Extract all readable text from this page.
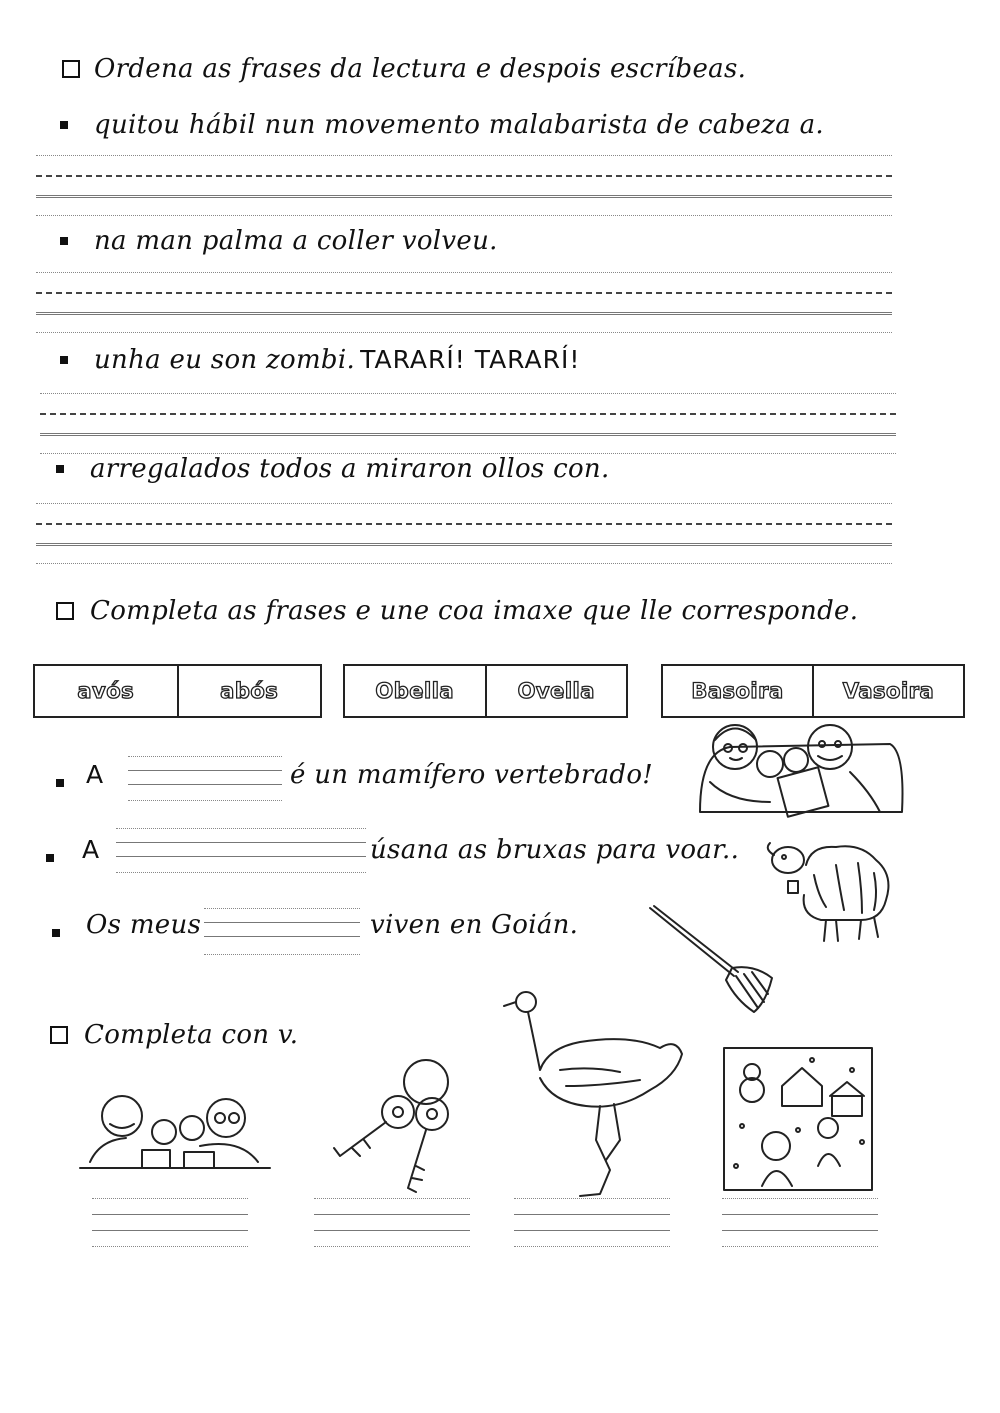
Ordena as frases da lectura e despois escríbeas.
quitou hábil nun movemento malabarista de cabeza a.
na man palma a coller volveu.
unha eu son zombi. TARARÍ! TARARÍ!
arregalados todos a miraron ollos con.
Completa as frases e une coa imaxe que lle corresponde.
avós	abós	Obella	Ovella	Basoira	Vasoira
A	é un mamífero vertebrado!
A	úsana as bruxas para voar..
Os meus	viven en Goián.
Completa con v.
